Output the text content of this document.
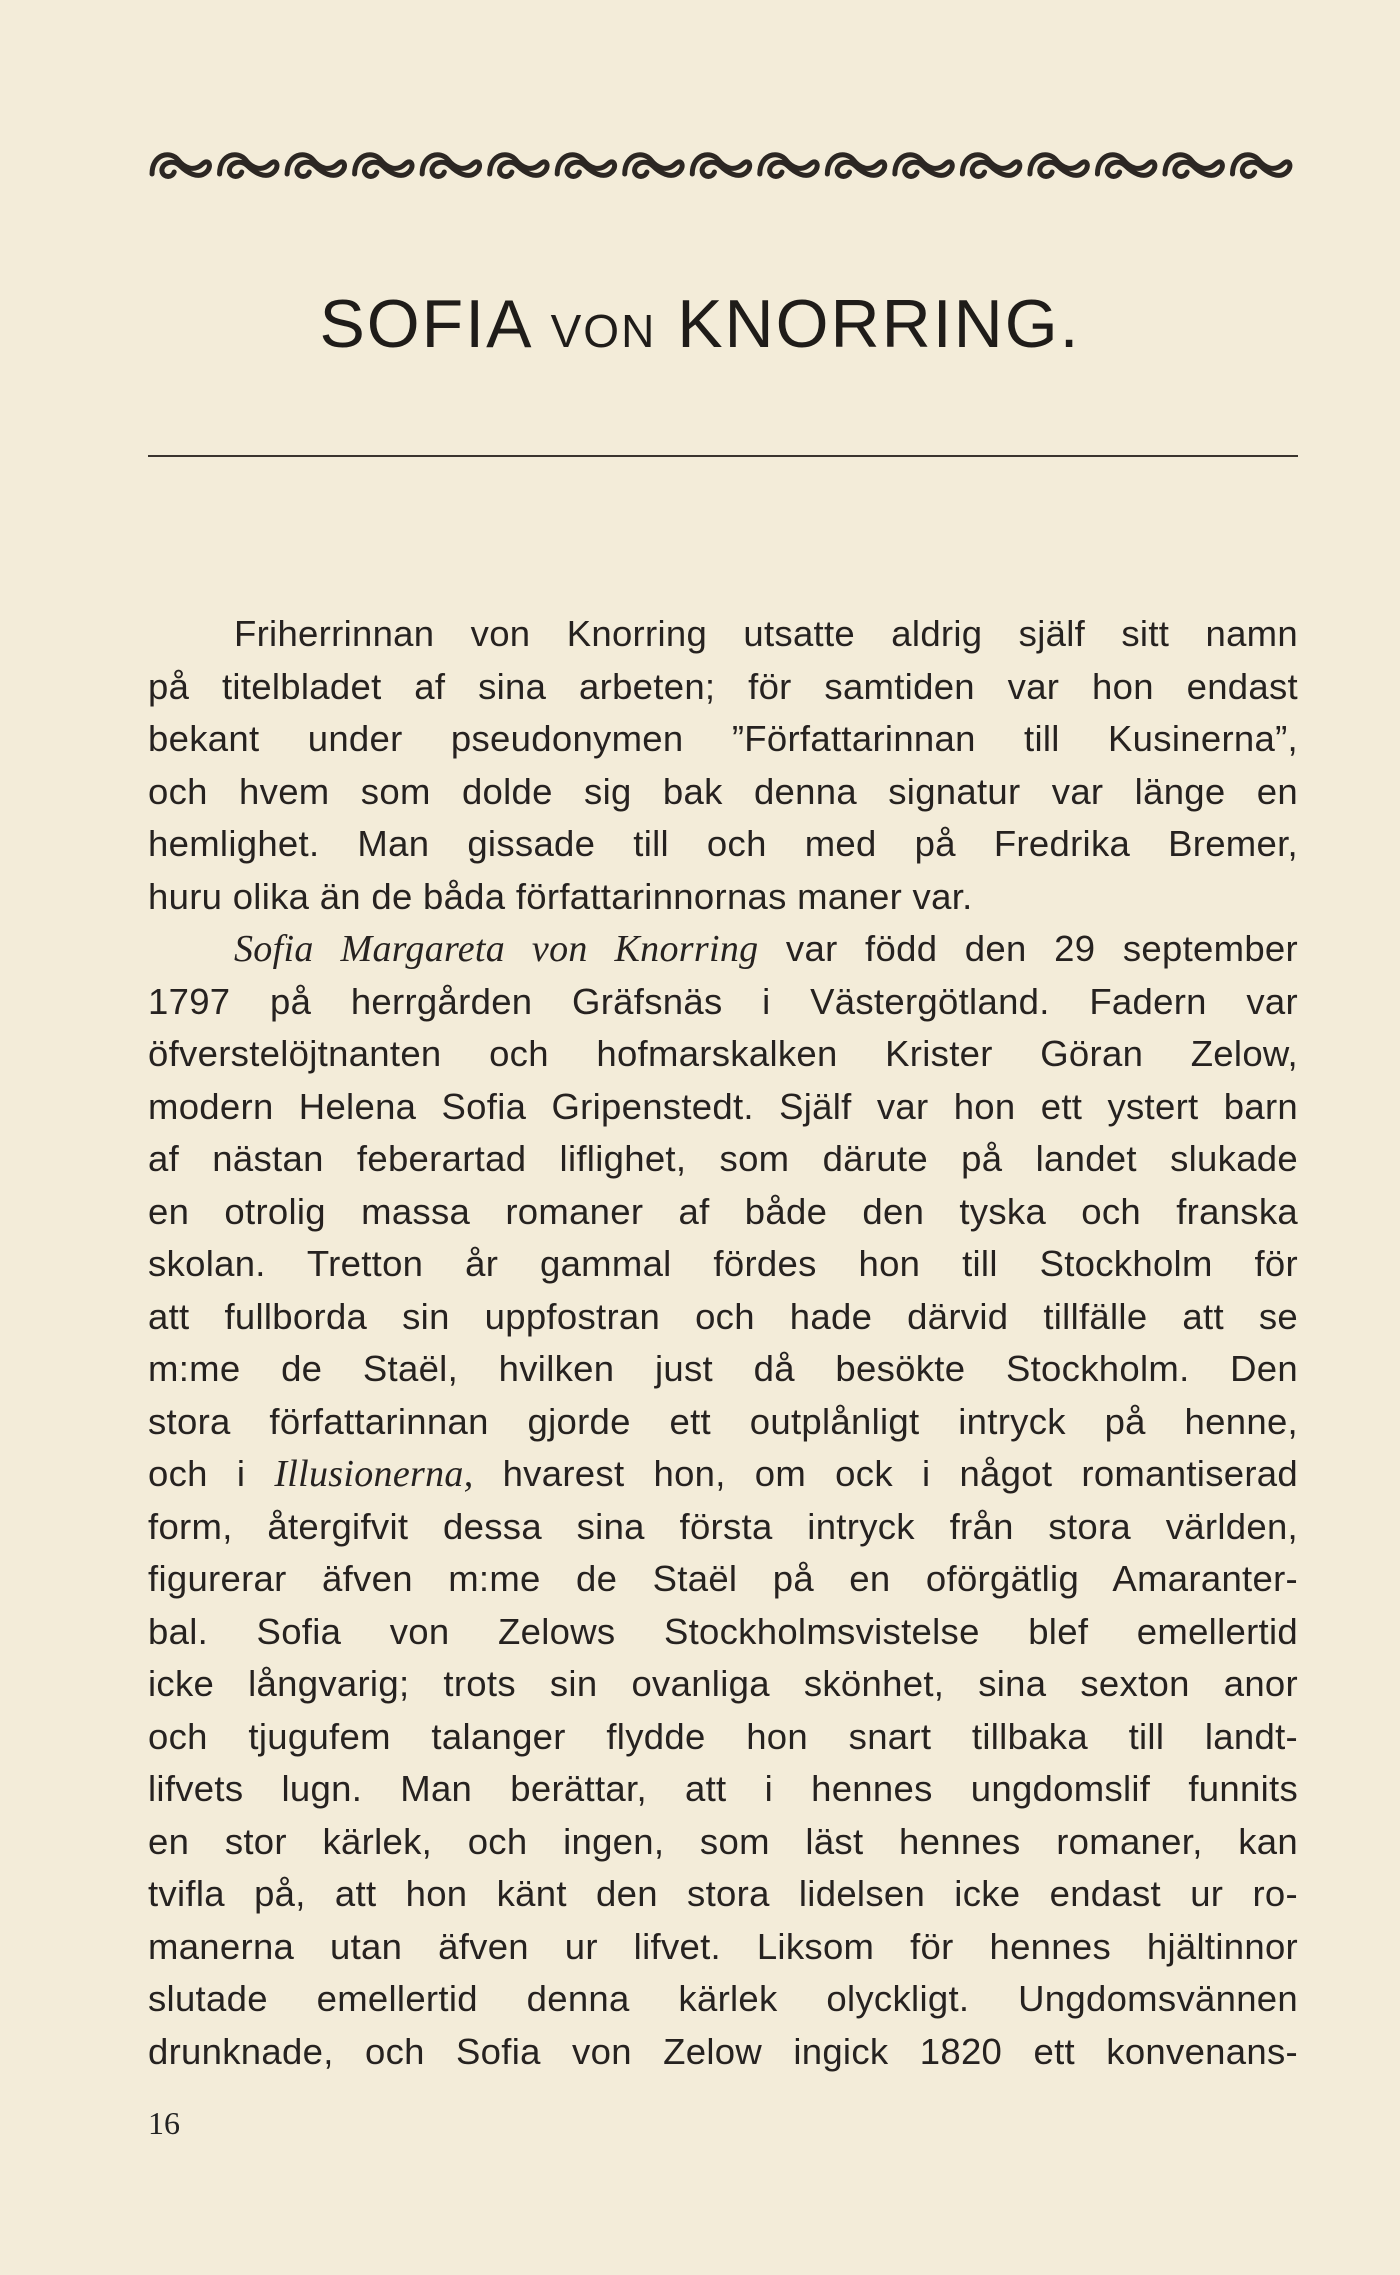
SOFIA VON KNORRING.
Friherrinnan von Knorring utsatte aldrig själf sitt namn
på titelbladet af sina arbeten; för samtiden var hon endast
bekant under pseudonymen ”Författarinnan till Kusinerna”,
och hvem som dolde sig bak denna signatur var länge en
hemlighet. Man gissade till och med på Fredrika Bremer,
huru olika än de båda författarinnornas maner var.
Sofia Margareta von Knorring var född den 29 september
1797 på herrgården Gräfsnäs i Västergötland. Fadern var
öfverstelöjtnanten och hofmarskalken Krister Göran Zelow,
modern Helena Sofia Gripenstedt. Själf var hon ett ystert barn
af nästan feberartad liflighet, som därute på landet slukade
en otrolig massa romaner af både den tyska och franska
skolan. Tretton år gammal fördes hon till Stockholm för
att fullborda sin uppfostran och hade därvid tillfälle att se
m:me de Staël, hvilken just då besökte Stockholm. Den
stora författarinnan gjorde ett outplånligt intryck på henne,
och i Illusionerna, hvarest hon, om ock i något romantiserad
form, återgifvit dessa sina första intryck från stora världen,
figurerar äfven m:me de Staël på en oförgätlig Amaranter-
bal. Sofia von Zelows Stockholmsvistelse blef emellertid
icke långvarig; trots sin ovanliga skönhet, sina sexton anor
och tjugufem talanger flydde hon snart tillbaka till landt-
lifvets lugn. Man berättar, att i hennes ungdomslif funnits
en stor kärlek, och ingen, som läst hennes romaner, kan
tvifla på, att hon känt den stora lidelsen icke endast ur ro-
manerna utan äfven ur lifvet. Liksom för hennes hjältinnor
slutade emellertid denna kärlek olyckligt. Ungdomsvännen
drunknade, och Sofia von Zelow ingick 1820 ett konvenans-
16
